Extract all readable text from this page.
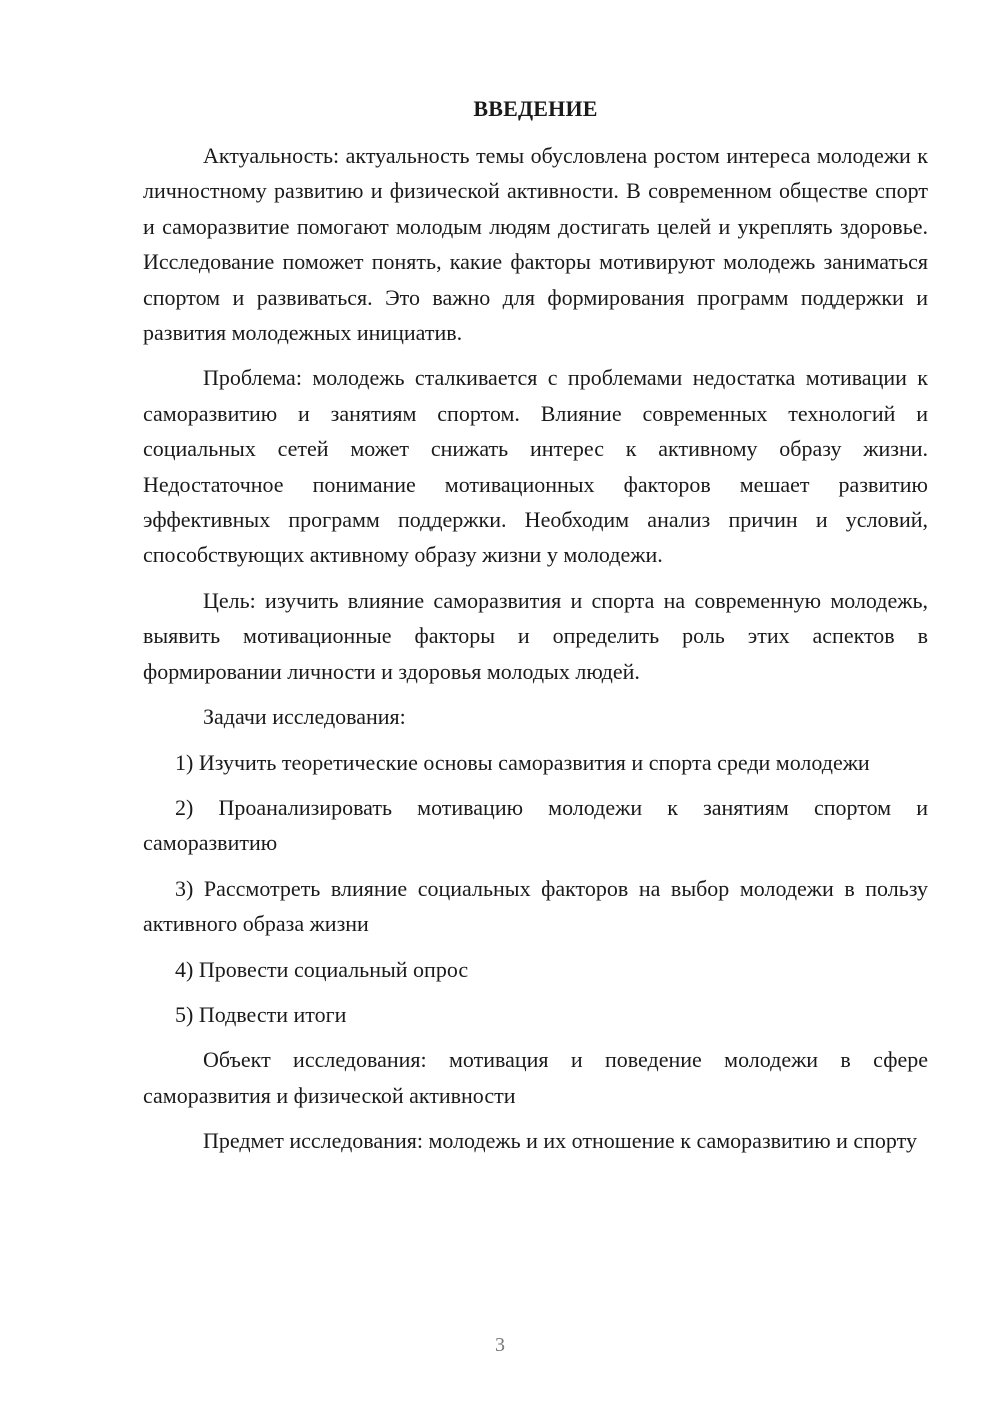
ВВЕДЕНИЕ

Актуальность: актуальность темы обусловлена ростом интереса молодежи к личностному развитию и физической активности. В современном обществе спорт и саморазвитие помогают молодым людям достигать целей и укреплять здоровье. Исследование поможет понять, какие факторы мотивируют молодежь заниматься спортом и развиваться. Это важно для формирования программ поддержки и развития молодежных инициатив.

Проблема: молодежь сталкивается с проблемами недостатка мотивации к саморазвитию и занятиям спортом. Влияние современных технологий и социальных сетей может снижать интерес к активному образу жизни. Недостаточное понимание мотивационных факторов мешает развитию эффективных программ поддержки. Необходим анализ причин и условий, способствующих активному образу жизни у молодежи.

Цель: изучить влияние саморазвития и спорта на современную молодежь, выявить мотивационные факторы и определить роль этих аспектов в формировании личности и здоровья молодых людей.

Задачи исследования:

1) Изучить теоретические основы саморазвития и спорта среди молодежи

2) Проанализировать мотивацию молодежи к занятиям спортом и саморазвитию

3) Рассмотреть влияние социальных факторов на выбор молодежи в пользу активного образа жизни

4) Провести социальный опрос

5) Подвести итоги

Объект исследования: мотивация и поведение молодежи в сфере саморазвития и физической активности

Предмет исследования: молодежь и их отношение к саморазвитию и спорту

3
